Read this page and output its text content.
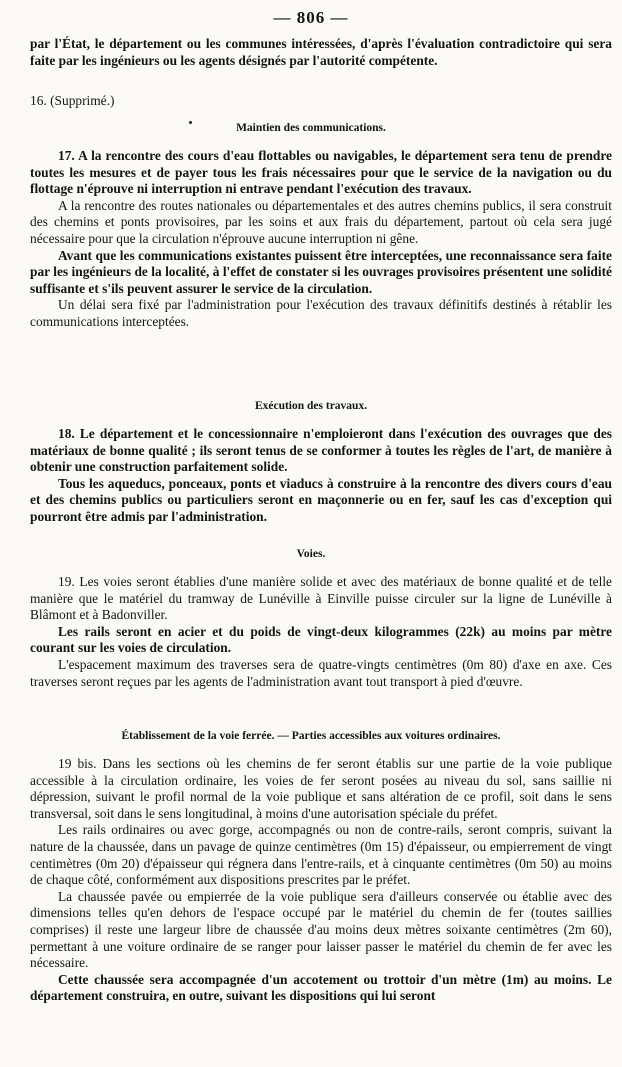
— 806 —

par l'État, le département ou les communes intéressées, d'après l'évaluation contradictoire qui sera faite par les ingénieurs ou les agents désignés par l'autorité compétente.

16. (Supprimé.)

Maintien des communications.

17. A la rencontre des cours d'eau flottables ou navigables, le département sera tenu de prendre toutes les mesures et de payer tous les frais nécessaires pour que le service de la navigation ou du flottage n'éprouve ni interruption ni entrave pendant l'exécution des travaux.

A la rencontre des routes nationales ou départementales et des autres chemins publics, il sera construit des chemins et ponts provisoires, par les soins et aux frais du département, partout où cela sera jugé nécessaire pour que la circulation n'éprouve aucune interruption ni gêne.

Avant que les communications existantes puissent être interceptées, une reconnaissance sera faite par les ingénieurs de la localité, à l'effet de constater si les ouvrages provisoires présentent une solidité suffisante et s'ils peuvent assurer le service de la circulation.

Un délai sera fixé par l'administration pour l'exécution des travaux définitifs destinés à rétablir les communications interceptées.

Exécution des travaux.

18. Le département et le concessionnaire n'emploieront dans l'exécution des ouvrages que des matériaux de bonne qualité ; ils seront tenus de se conformer à toutes les règles de l'art, de manière à obtenir une construction parfaitement solide.

Tous les aqueducs, ponceaux, ponts et viaducs à construire à la rencontre des divers cours d'eau et des chemins publics ou particuliers seront en maçonnerie ou en fer, sauf les cas d'exception qui pourront être admis par l'administration.

Voies.

19. Les voies seront établies d'une manière solide et avec des matériaux de bonne qualité et de telle manière que le matériel du tramway de Lunéville à Einville puisse circuler sur la ligne de Lunéville à Blâmont et à Badonviller.

Les rails seront en acier et du poids de vingt-deux kilogrammes (22k) au moins par mètre courant sur les voies de circulation.

L'espacement maximum des traverses sera de quatre-vingts centimètres (0m 80) d'axe en axe. Ces traverses seront reçues par les agents de l'administration avant tout transport à pied d'œuvre.

Établissement de la voie ferrée. — Parties accessibles aux voitures ordinaires.

19 bis. Dans les sections où les chemins de fer seront établis sur une partie de la voie publique accessible à la circulation ordinaire, les voies de fer seront posées au niveau du sol, sans saillie ni dépression, suivant le profil normal de la voie publique et sans altération de ce profil, soit dans le sens transversal, soit dans le sens longitudinal, à moins d'une autorisation spéciale du préfet.

Les rails ordinaires ou avec gorge, accompagnés ou non de contre-rails, seront compris, suivant la nature de la chaussée, dans un pavage de quinze centimètres (0m 15) d'épaisseur, ou empierrement de vingt centimètres (0m 20) d'épaisseur qui régnera dans l'entre-rails, et à cinquante centimètres (0m 50) au moins de chaque côté, conformément aux dispositions prescrites par le préfet.

La chaussée pavée ou empierrée de la voie publique sera d'ailleurs conservée ou établie avec des dimensions telles qu'en dehors de l'espace occupé par le matériel du chemin de fer (toutes saillies comprises) il reste une largeur libre de chaussée d'au moins deux mètres soixante centimètres (2m 60), permettant à une voiture ordinaire de se ranger pour laisser passer le matériel du chemin de fer avec les nécessaire.

Cette chaussée sera accompagnée d'un accotement ou trottoir d'un mètre (1m) au moins. Le département construira, en outre, suivant les dispositions qui lui seront
